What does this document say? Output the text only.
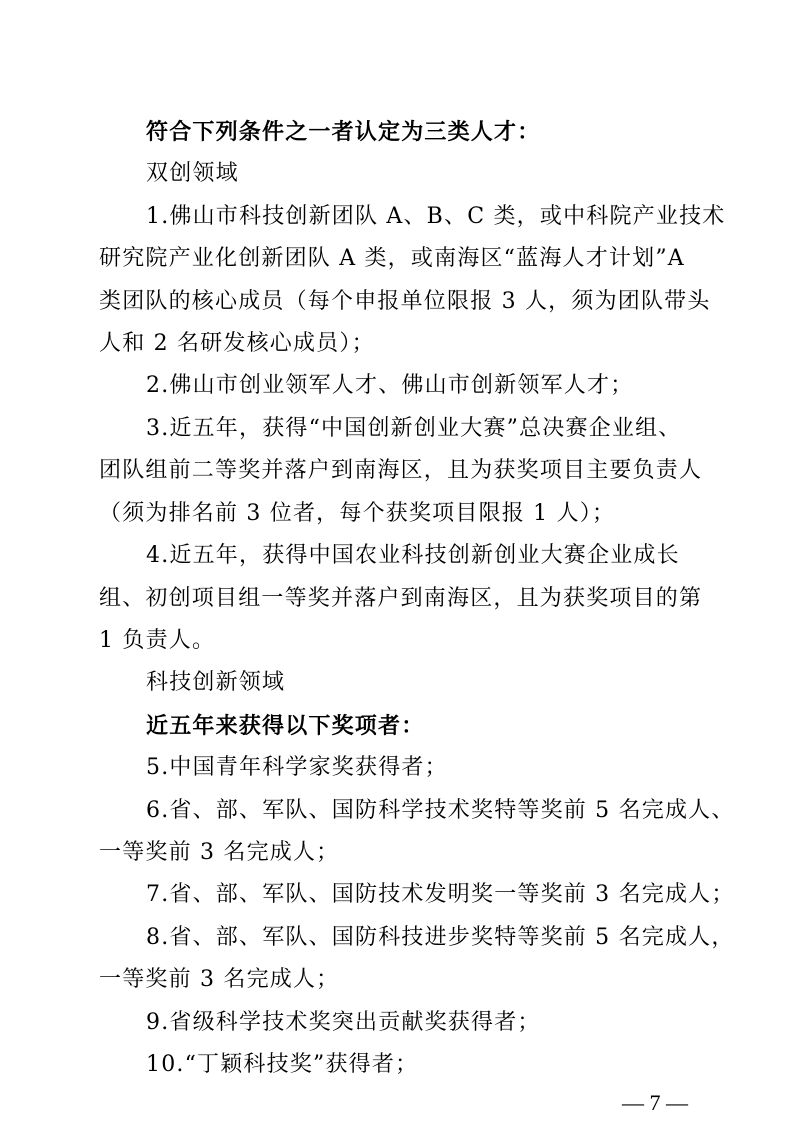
符合下列条件之一者认定为三类人才：
双创领域
1.佛山市科技创新团队 A、B、C 类，或中科院产业技术
研究院产业化创新团队 A 类，或南海区“蓝海人才计划”A
类团队的核心成员（每个申报单位限报 3 人，须为团队带头
人和 2 名研发核心成员）；
2.佛山市创业领军人才、佛山市创新领军人才；
3.近五年，获得“中国创新创业大赛”总决赛企业组、
团队组前二等奖并落户到南海区，且为获奖项目主要负责人
（须为排名前 3 位者，每个获奖项目限报 1 人）；
4.近五年，获得中国农业科技创新创业大赛企业成长
组、初创项目组一等奖并落户到南海区，且为获奖项目的第
1 负责人。
科技创新领域
近五年来获得以下奖项者：
5.中国青年科学家奖获得者；
6.省、部、军队、国防科学技术奖特等奖前 5 名完成人、
一等奖前 3 名完成人；
7.省、部、军队、国防技术发明奖一等奖前 3 名完成人；
8.省、部、军队、国防科技进步奖特等奖前 5 名完成人，
一等奖前 3 名完成人；
9.省级科学技术奖突出贡献奖获得者；
10.“丁颖科技奖”获得者；
— 7 —
